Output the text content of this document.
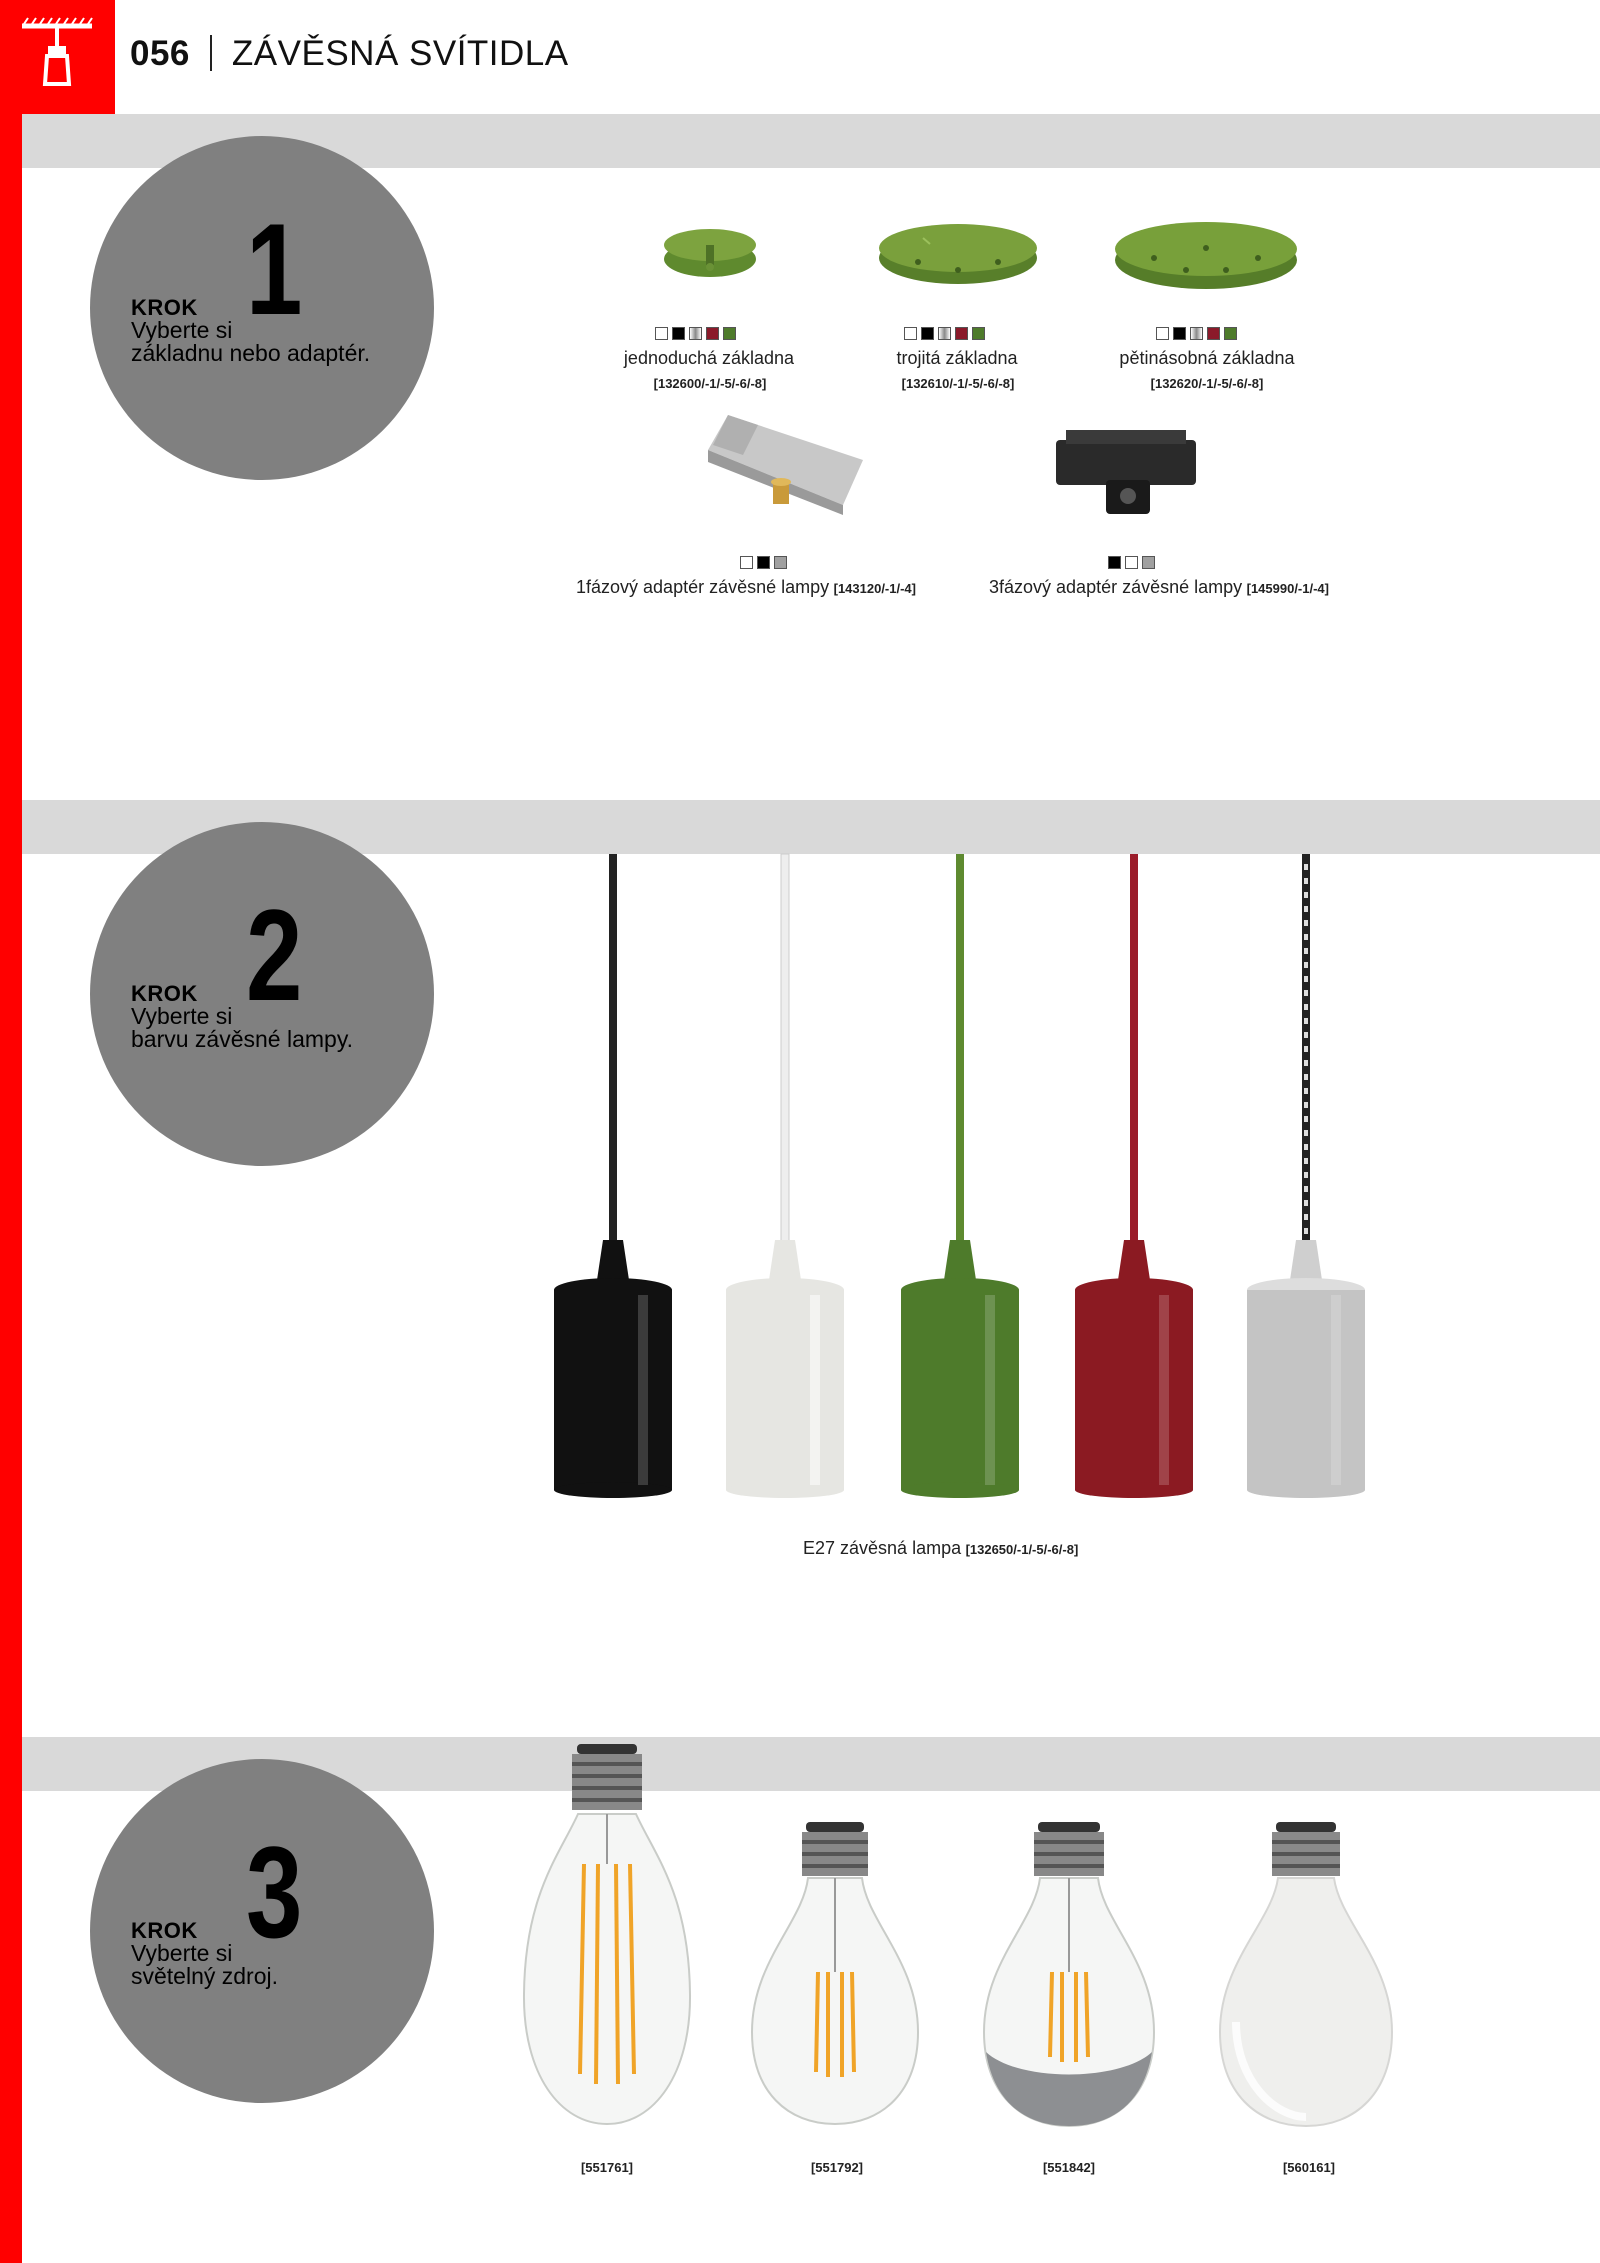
056 ZÁVĚSNÁ SVÍTIDLA
1
KROK
Vyberte si
základnu nebo adaptér.
2
KROK
Vyberte si
barvu závěsné lampy.
3
KROK
Vyberte si
světelný zdroj.
jednoduchá základna
[132600/-1/-5/-6/-8]
trojitá základna
[132610/-1/-5/-6/-8]
pětinásobná základna
[132620/-1/-5/-6/-8]
1fázový adaptér závěsné lampy [143120/-1/-4]	3fázový adaptér závěsné lampy [145990/-1/-4]
E27 závěsná lampa [132650/-1/-5/-6/-8]
[551761]	[551792]	[551842]	[560161]
